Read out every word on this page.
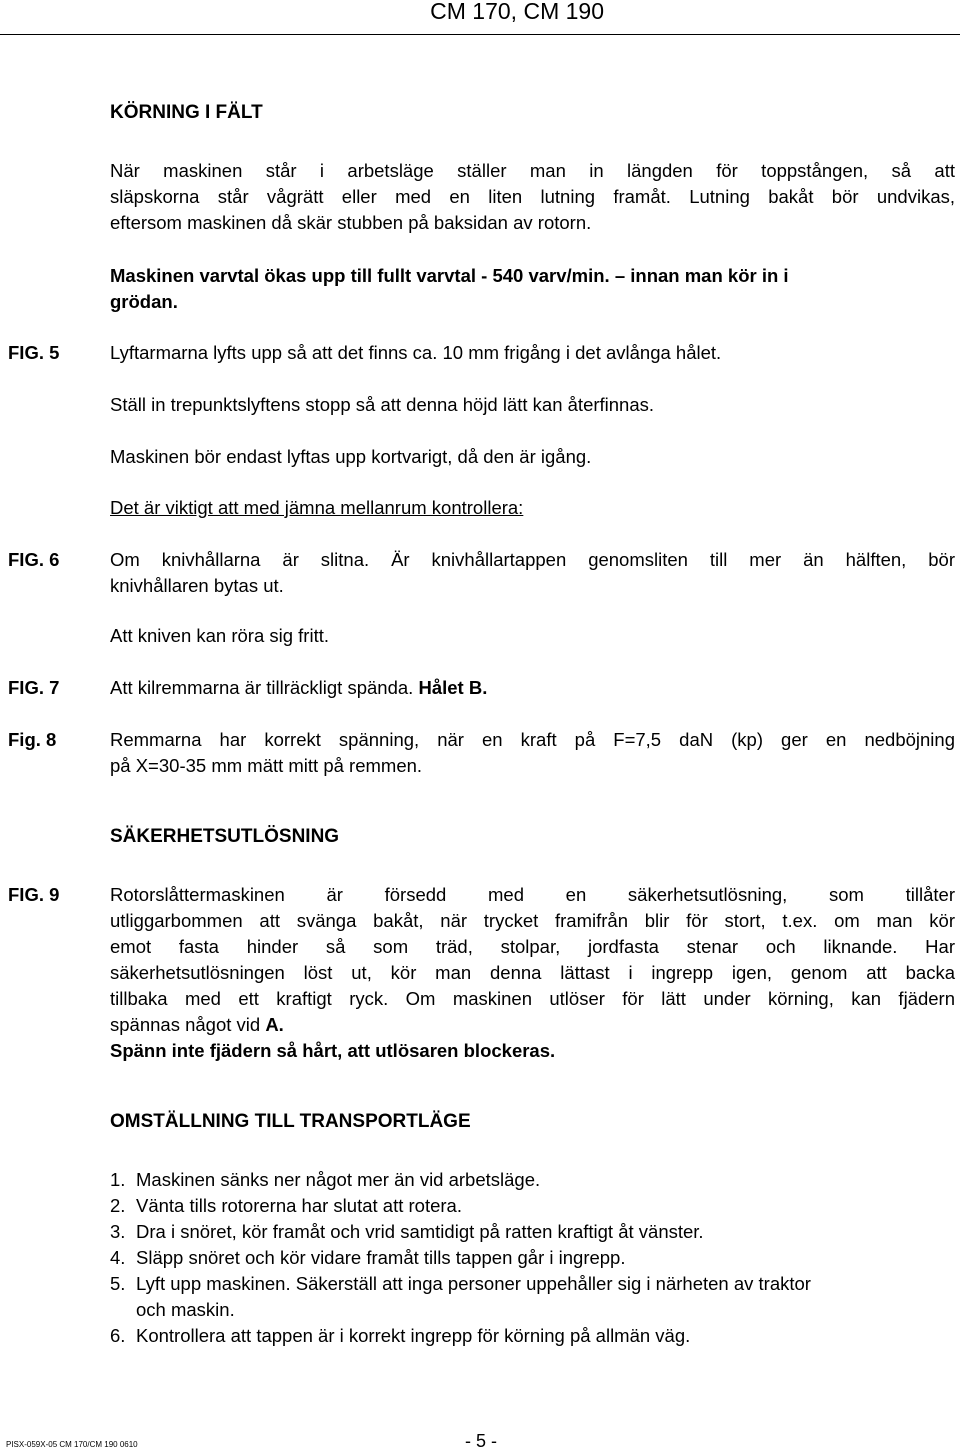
CM 170, CM 190
KÖRNING I FÄLT
När maskinen står i arbetsläge ställer man in längden för toppstången, så att
släpskorna står vågrätt eller med en liten lutning framåt. Lutning bakåt bör undvikas,
eftersom maskinen då skär stubben på baksidan av rotorn.
Maskinen varvtal ökas upp till fullt varvtal - 540 varv/min. – innan man kör in i
grödan.
FIG. 5	Lyftarmarna lyfts upp så att det finns ca. 10 mm frigång i det avlånga hålet.
Ställ in trepunktslyftens stopp så att denna höjd lätt kan återfinnas.
Maskinen bör endast lyftas upp kortvarigt, då den är igång.
Det är viktigt att med jämna mellanrum kontrollera:
FIG. 6	Om knivhållarna är slitna. Är knivhållartappen genomsliten till mer än hälften, bör
knivhållaren bytas ut.
Att kniven kan röra sig fritt.
FIG. 7	Att kilremmarna är tillräckligt spända. Hålet B.
Fig. 8	Remmarna har korrekt spänning, när en kraft på F=7,5 daN (kp) ger en nedböjning
på X=30-35 mm mätt mitt på remmen.
SÄKERHETSUTLÖSNING
FIG. 9	Rotorslåttermaskinen är försedd med en säkerhetsutlösning, som tillåter
utliggarbommen att svänga bakåt, när trycket framifrån blir för stort, t.ex. om man kör
emot fasta hinder så som träd, stolpar, jordfasta stenar och liknande. Har
säkerhetsutlösningen löst ut, kör man denna lättast i ingrepp igen, genom att backa
tillbaka med ett kraftigt ryck. Om maskinen utlöser för lätt under körning, kan fjädern
spännas något vid A.
Spänn inte fjädern så hårt, att utlösaren blockeras.
OMSTÄLLNING TILL TRANSPORTLÄGE
1. Maskinen sänks ner något mer än vid arbetsläge.
2. Vänta tills rotorerna har slutat att rotera.
3. Dra i snöret, kör framåt och vrid samtidigt på ratten kraftigt åt vänster.
4. Släpp snöret och kör vidare framåt tills tappen går i ingrepp.
5. Lyft upp maskinen. Säkerställ att inga personer uppehåller sig i närheten av traktor
och maskin.
6. Kontrollera att tappen är i korrekt ingrepp för körning på allmän väg.
PISX-059X-05 CM 170/CM 190 0610	- 5 -
